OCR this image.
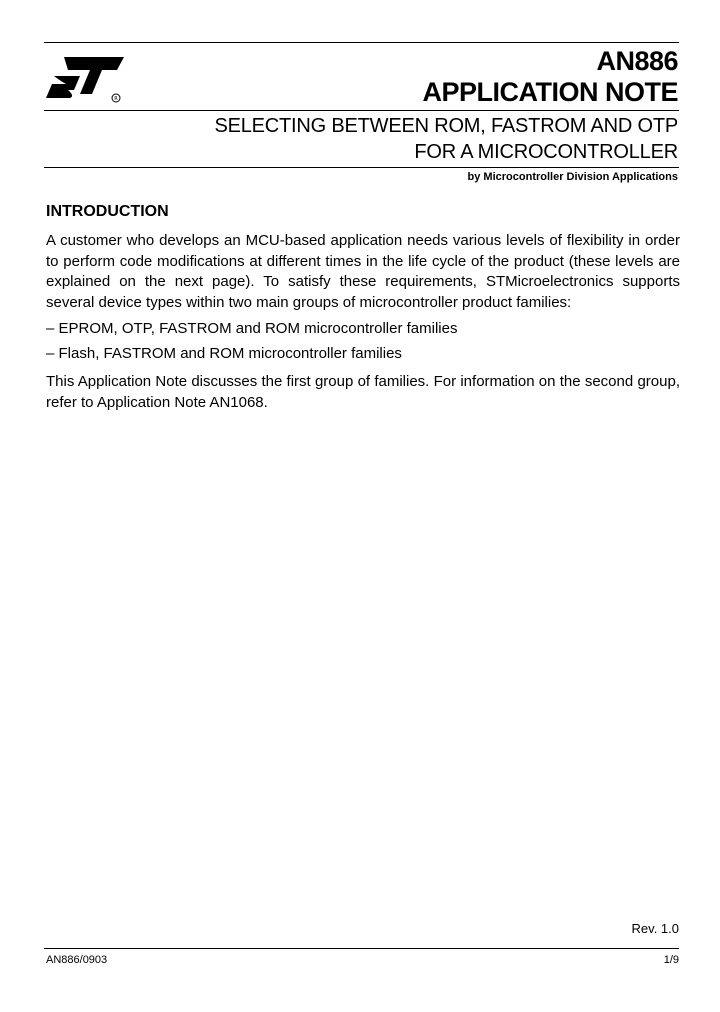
R
AN886
APPLICATION NOTE
SELECTING BETWEEN ROM, FASTROM AND OTP
FOR A MICROCONTROLLER
by Microcontroller Division Applications
INTRODUCTION
A customer who develops an MCU-based application needs various levels of flexibility in order to perform code modifications at different times in the life cycle of the product (these levels are explained on the next page). To satisfy these requirements, STMicroelectronics supports several device types within two main groups of microcontroller product families:
– EPROM, OTP, FASTROM and ROM microcontroller families
– Flash, FASTROM and ROM microcontroller families
This Application Note discusses the first group of families. For information on the second group, refer to Application Note AN1068.
Rev. 1.0
AN886/0903	1/9
